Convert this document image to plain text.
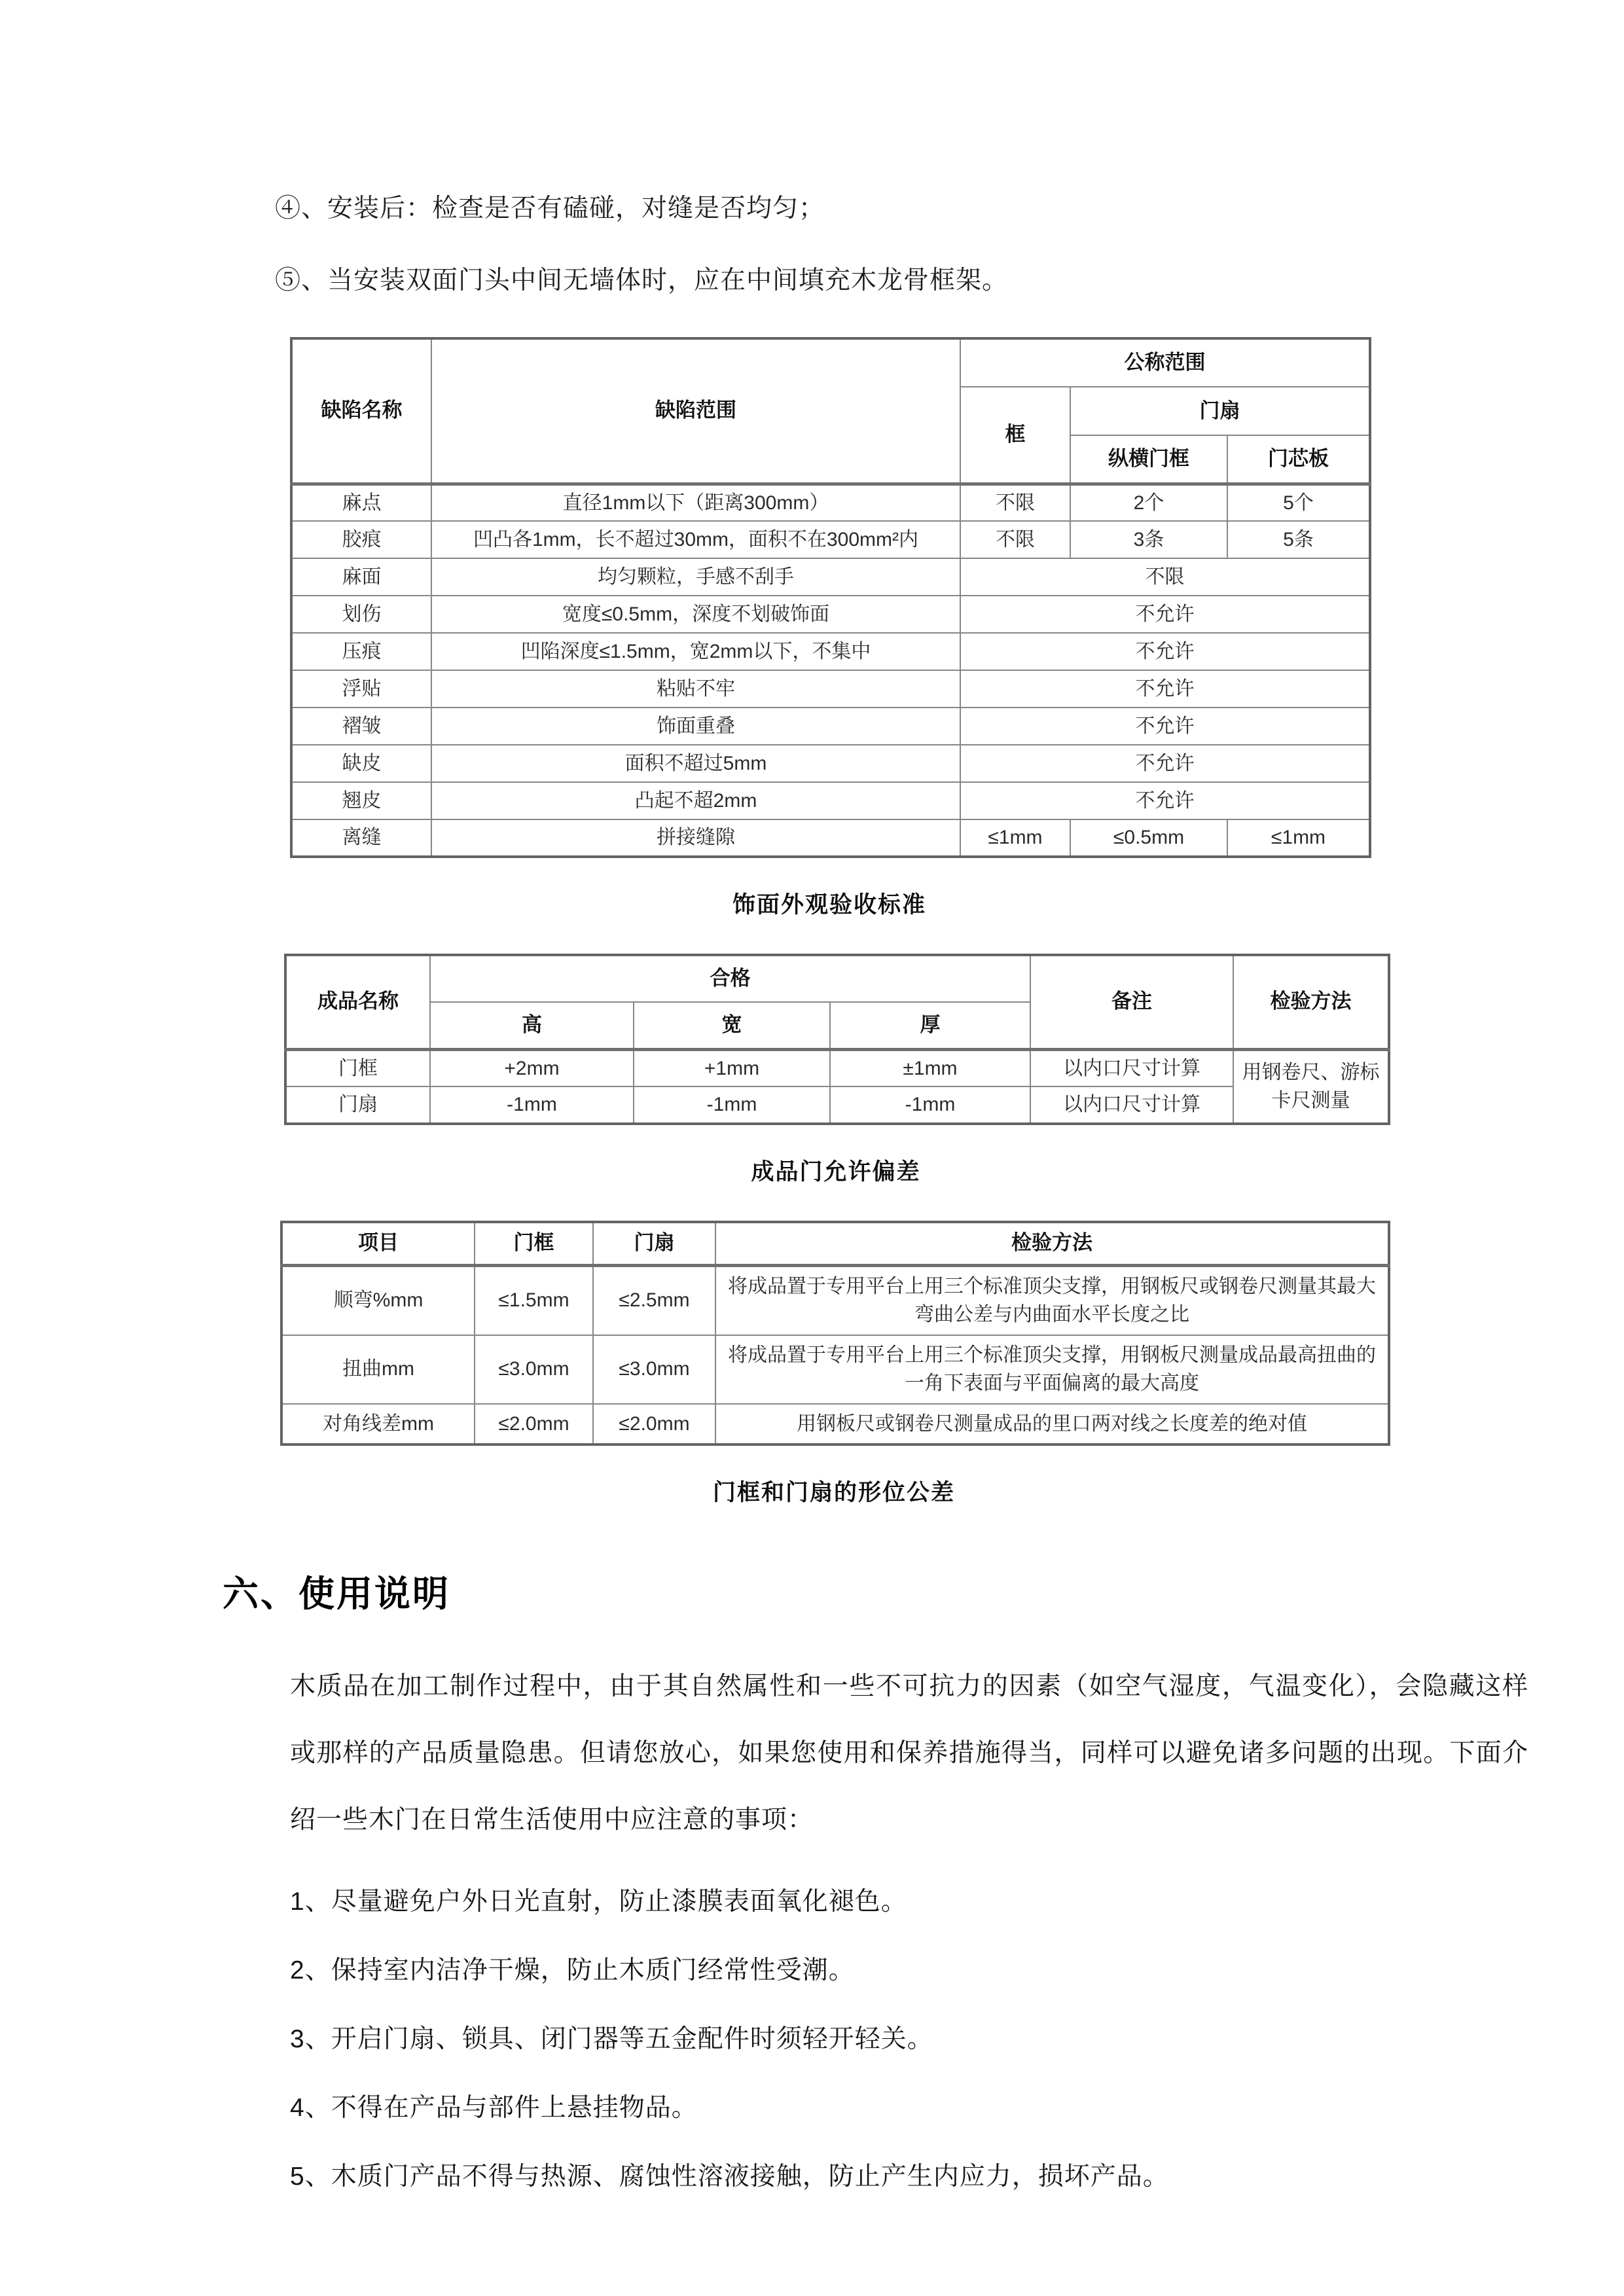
④、安装后：检查是否有磕碰，对缝是否均匀；

⑤、当安装双面门头中间无墙体时，应在中间填充木龙骨框架。

缺陷名称	缺陷范围	公称范围		
		框	门扇	
			纵横门框	门芯板
麻点	直径1mm以下（距离300mm）	不限	2个	5个
胶痕	凹凸各1mm，长不超过30mm，面积不在300mm²内	不限	3条	5条
麻面	均匀颗粒，手感不刮手	不限		
划伤	宽度≤0.5mm，深度不划破饰面	不允许		
压痕	凹陷深度≤1.5mm，宽2mm以下，不集中	不允许		
浮贴	粘贴不牢	不允许		
褶皱	饰面重叠	不允许		
缺皮	面积不超过5mm	不允许		
翘皮	凸起不超2mm	不允许		
离缝	拼接缝隙	≤1mm	≤0.5mm	≤1mm
饰面外观验收标准
成品名称	合格			备注	检验方法
	高	宽	厚		
门框	+2mm	+1mm	±1mm	以内口尺寸计算	用钢卷尺、游标卡尺测量
门扇	-1mm	-1mm	-1mm	以内口尺寸计算	
成品门允许偏差
项目	门框	门扇	检验方法
顺弯%mm	≤1.5mm	≤2.5mm	将成品置于专用平台上用三个标准顶尖支撑，用钢板尺或钢卷尺测量其最大弯曲公差与内曲面水平长度之比
扭曲mm	≤3.0mm	≤3.0mm	将成品置于专用平台上用三个标准顶尖支撑，用钢板尺测量成品最高扭曲的一角下表面与平面偏离的最大高度
对角线差mm	≤2.0mm	≤2.0mm	用钢板尺或钢卷尺测量成品的里口两对线之长度差的绝对值
门框和门扇的形位公差
六、使用说明

木质品在加工制作过程中，由于其自然属性和一些不可抗力的因素（如空气湿度，气温变化），会隐藏这样或那样的产品质量隐患。但请您放心，如果您使用和保养措施得当，同样可以避免诸多问题的出现。下面介绍一些木门在日常生活使用中应注意的事项：

1、尽量避免户外日光直射，防止漆膜表面氧化褪色。

2、保持室内洁净干燥，防止木质门经常性受潮。

3、开启门扇、锁具、闭门器等五金配件时须轻开轻关。

4、不得在产品与部件上悬挂物品。

5、木质门产品不得与热源、腐蚀性溶液接触，防止产生内应力，损坏产品。
